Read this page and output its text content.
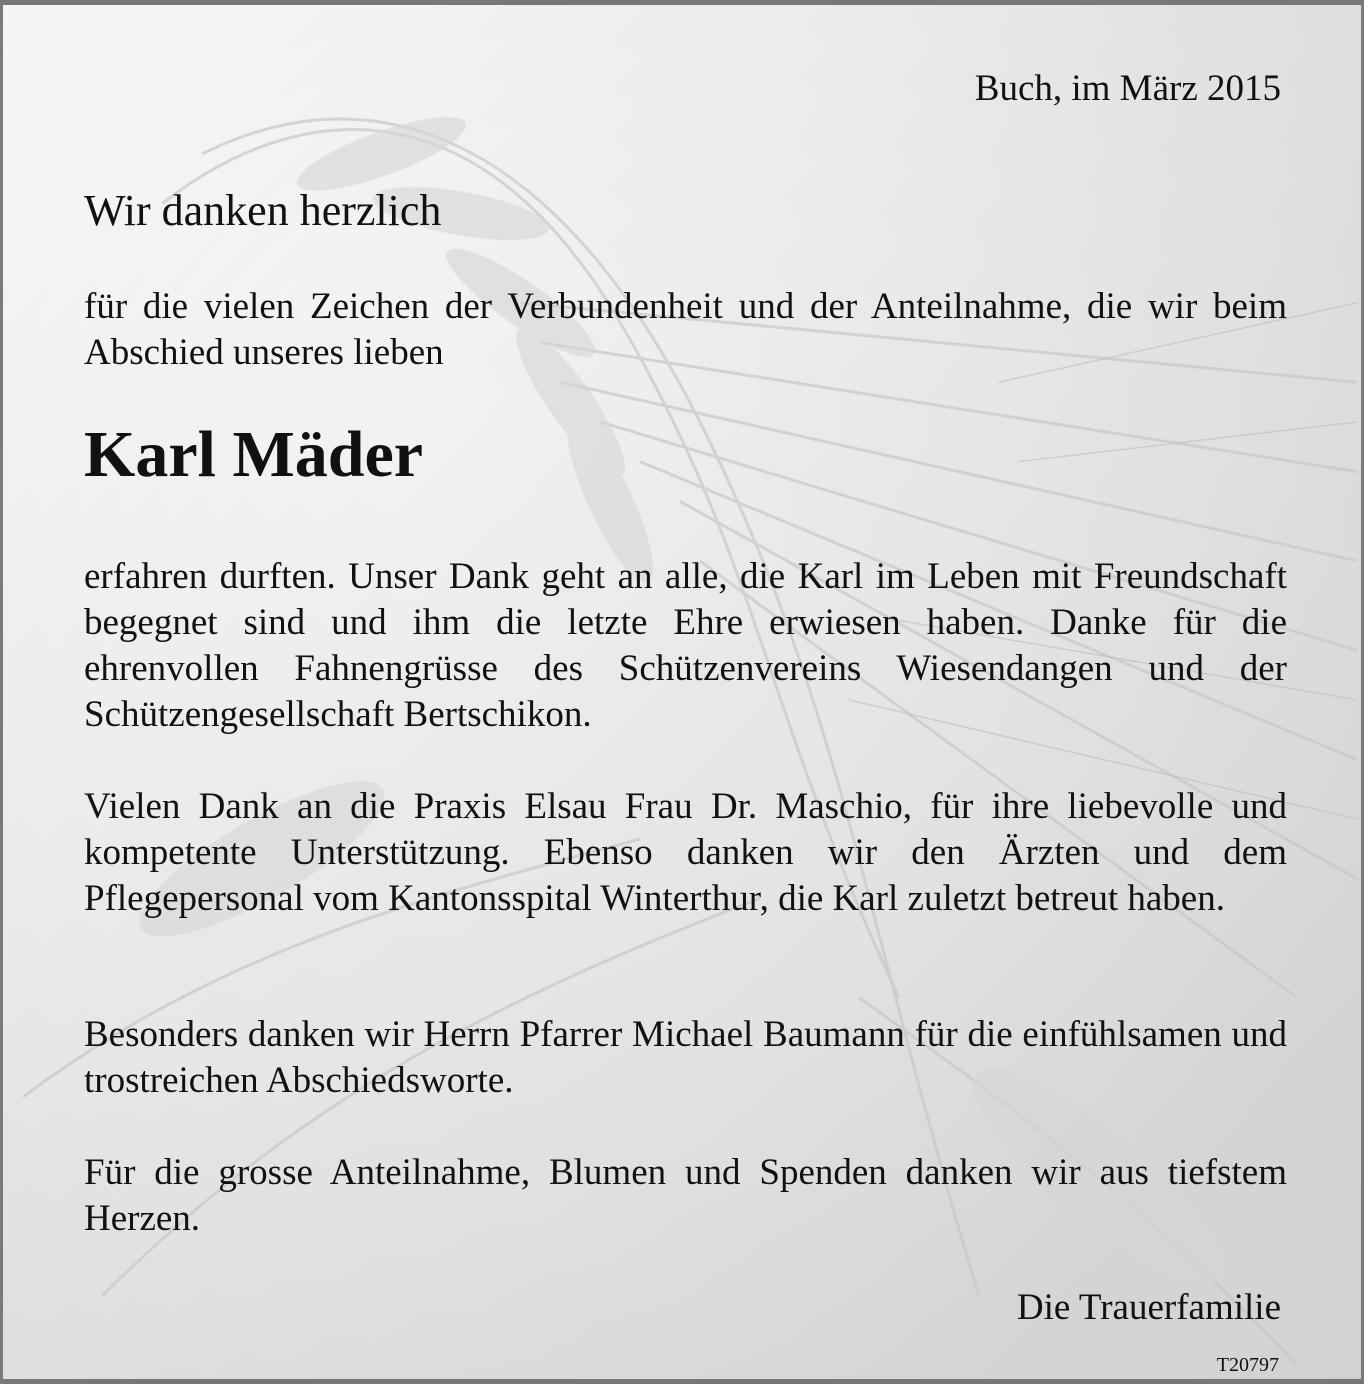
Buch, im März 2015
Wir danken herzlich

für die vielen Zeichen der Verbundenheit und der Anteilnahme, die wir beim Abschied unseres lieben

Karl Mäder

erfahren durften. Unser Dank geht an alle, die Karl im Leben mit Freundschaft begegnet sind und ihm die letzte Ehre erwiesen haben. Danke für die ehrenvollen Fahnengrüsse des Schützenvereins Wiesendangen und der Schützengesellschaft Bertschikon.

Vielen Dank an die Praxis Elsau Frau Dr. Maschio, für ihre liebevolle und kompetente Unterstützung. Ebenso danken wir den Ärzten und dem Pflegepersonal vom Kantonsspital Winterthur, die Karl zuletzt betreut haben.

Besonders danken wir Herrn Pfarrer Michael Baumann für die einfühlsamen und trostreichen Abschiedsworte.

Für die grosse Anteilnahme, Blumen und Spenden danken wir aus tiefstem Herzen.

Die Trauerfamilie
T20797
